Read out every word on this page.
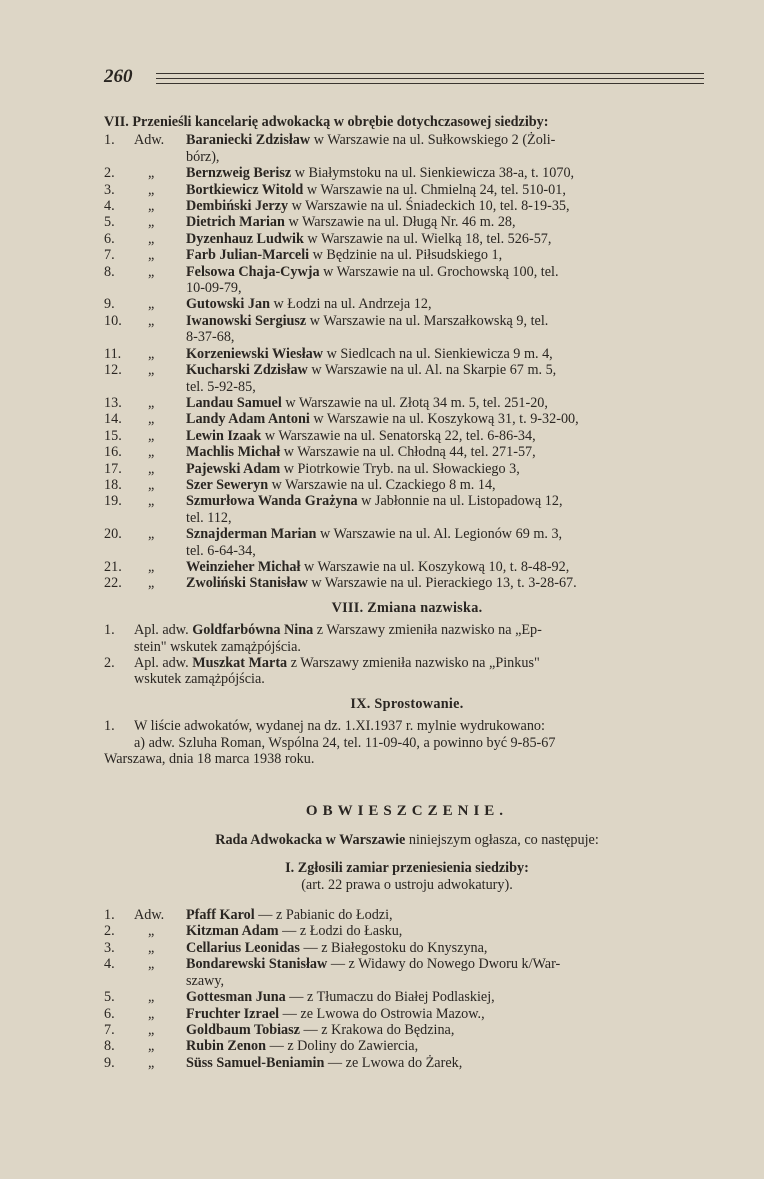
260
VII. Przenieśli kancelarię adwokacką w obrębie dotychczasowej siedziby:
1.	Adw.	Baraniecki Zdzisław w Warszawie na ul. Sułkowskiego 2 (Żoli-
bórz),
2.	„	Bernzweig Berisz w Białymstoku na ul. Sienkiewicza 38-a, t. 1070,
3.	„	Bortkiewicz Witold w Warszawie na ul. Chmielną 24, tel. 510-01,
4.	„	Dembiński Jerzy w Warszawie na ul. Śniadeckich 10, tel. 8-19-35,
5.	„	Dietrich Marian w Warszawie na ul. Długą Nr. 46 m. 28,
6.	„	Dyzenhauz Ludwik w Warszawie na ul. Wielką 18, tel. 526-57,
7.	„	Farb Julian-Marceli w Będzinie na ul. Piłsudskiego 1,
8.	„	Felsowa Chaja-Cywja w Warszawie na ul. Grochowską 100, tel.
10-09-79,
9.	„	Gutowski Jan w Łodzi na ul. Andrzeja 12,
10.	„	Iwanowski Sergiusz w Warszawie na ul. Marszałkowską 9, tel.
8-37-68,
11.	„	Korzeniewski Wiesław w Siedlcach na ul. Sienkiewicza 9 m. 4,
12.	„	Kucharski Zdzisław w Warszawie na ul. Al. na Skarpie 67 m. 5,
tel. 5-92-85,
13.	„	Landau Samuel w Warszawie na ul. Złotą 34 m. 5, tel. 251-20,
14.	„	Landy Adam Antoni w Warszawie na ul. Koszykową 31, t. 9-32-00,
15.	„	Lewin Izaak w Warszawie na ul. Senatorską 22, tel. 6-86-34,
16.	„	Machlis Michał w Warszawie na ul. Chłodną 44, tel. 271-57,
17.	„	Pajewski Adam w Piotrkowie Tryb. na ul. Słowackiego 3,
18.	„	Szer Seweryn w Warszawie na ul. Czackiego 8 m. 14,
19.	„	Szmurłowa Wanda Grażyna w Jabłonnie na ul. Listopadową 12,
tel. 112,
20.	„	Sznajderman Marian w Warszawie na ul. Al. Legionów 69 m. 3,
tel. 6-64-34,
21.	„	Weinzieher Michał w Warszawie na ul. Koszykową 10, t. 8-48-92,
22.	„	Zwoliński Stanisław w Warszawie na ul. Pierackiego 13, t. 3-28-67.
VIII. Zmiana nazwiska.
1.	Apl. adw. Goldfarbówna Nina z Warszawy zmieniła nazwisko na „Ep-
stein" wskutek zamążpójścia.
2.	Apl. adw. Muszkat Marta z Warszawy zmieniła nazwisko na „Pinkus"
wskutek zamążpójścia.
IX. Sprostowanie.
1.	W liście adwokatów, wydanej na dz. 1.XI.1937 r. mylnie wydrukowano:
a) adw. Szluha Roman, Wspólna 24, tel. 11-09-40, a powinno być 9-85-67
Warszawa, dnia 18 marca 1938 roku.
OBWIESZCZENIE.
Rada Adwokacka w Warszawie niniejszym ogłasza, co następuje:
I. Zgłosili zamiar przeniesienia siedziby:
(art. 22 prawa o ustroju adwokatury).
1.	Adw.	Pfaff Karol — z Pabianic do Łodzi,
2.	„	Kitzman Adam — z Łodzi do Łasku,
3.	„	Cellarius Leonidas — z Białegostoku do Knyszyna,
4.	„	Bondarewski Stanisław — z Widawy do Nowego Dworu k/War-
szawy,
5.	„	Gottesman Juna — z Tłumaczu do Białej Podlaskiej,
6.	„	Fruchter Izrael — ze Lwowa do Ostrowia Mazow.,
7.	„	Goldbaum Tobiasz — z Krakowa do Będzina,
8.	„	Rubin Zenon — z Doliny do Zawiercia,
9.	„	Süss Samuel-Beniamin — ze Lwowa do Żarek,
